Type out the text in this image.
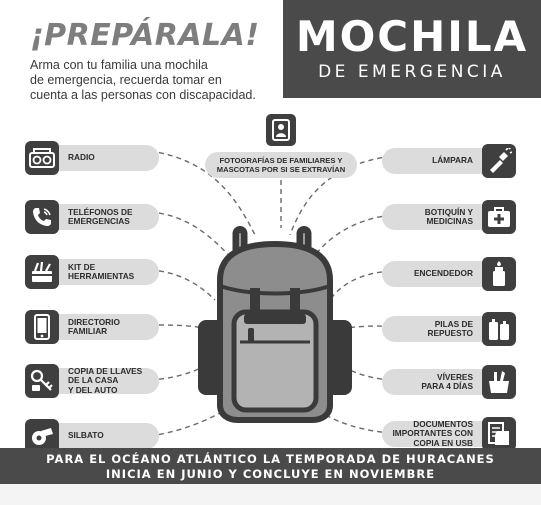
¡PREPÁRALA!
Arma con tu familia una mochila
de emergencia, recuerda tomar en
cuenta a las personas con discapacidad.
MOCHILA
DE EMERGENCIA
FOTOGRAFÍAS DE FAMILIARES Y
MASCOTAS POR SI SE EXTRAVÍAN
RADIO
TELÉFONOS DE
EMERGENCIAS
KIT DE
HERRAMIENTAS
DIRECTORIO
FAMILIAR
COPIA DE LLAVES
DE LA CASA
Y DEL AUTO
SILBATO
LÁMPARA
BOTIQUÍN Y
MEDICINAS
ENCENDEDOR
PILAS DE
REPUESTO
VÍVERES
PARA 4 DÍAS
DOCUMENTOS
IMPORTANTES CON
COPIA EN USB
PARA EL OCÉANO ATLÁNTICO LA TEMPORADA DE HURACANES
INICIA EN JUNIO Y CONCLUYE EN NOVIEMBRE
